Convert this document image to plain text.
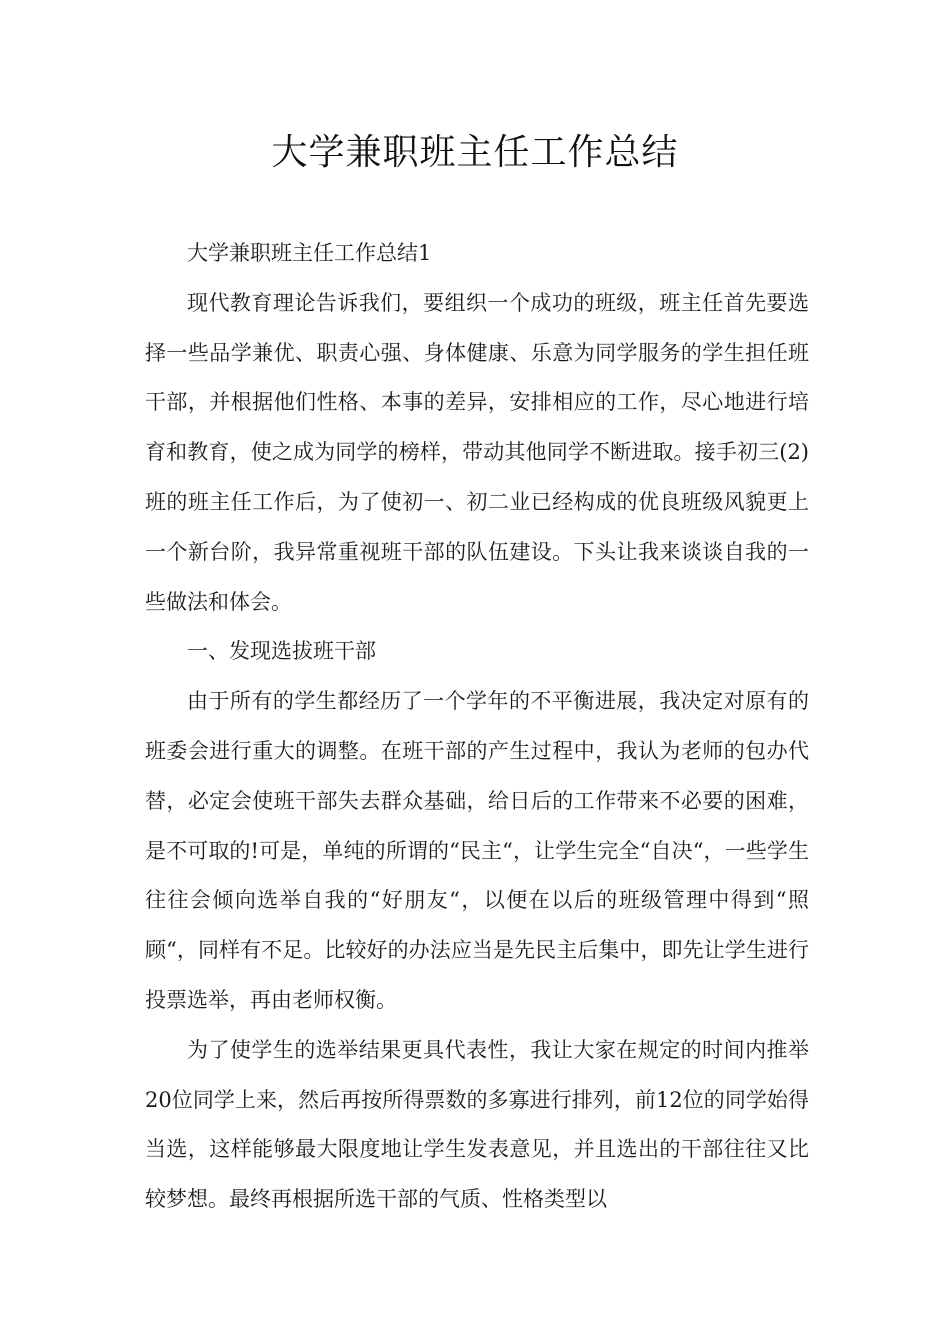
大学兼职班主任工作总结

大学兼职班主任工作总结1

现代教育理论告诉我们，要组织一个成功的班级，班主任首先要选择一些品学兼优、职责心强、身体健康、乐意为同学服务的学生担任班干部，并根据他们性格、本事的差异，安排相应的工作，尽心地进行培育和教育，使之成为同学的榜样，带动其他同学不断进取。接手初三(2)班的班主任工作后，为了使初一、初二业已经构成的优良班级风貌更上一个新台阶，我异常重视班干部的队伍建设。下头让我来谈谈自我的一些做法和体会。

一、发现选拔班干部

由于所有的学生都经历了一个学年的不平衡进展，我决定对原有的班委会进行重大的调整。在班干部的产生过程中，我认为老师的包办代替，必定会使班干部失去群众基础，给日后的工作带来不必要的困难，是不可取的!可是，单纯的所谓的“民主“，让学生完全“自决“，一些学生往往会倾向选举自我的“好朋友“，以便在以后的班级管理中得到“照顾“，同样有不足。比较好的办法应当是先民主后集中，即先让学生进行投票选举，再由老师权衡。

为了使学生的选举结果更具代表性，我让大家在规定的时间内推举20位同学上来，然后再按所得票数的多寡进行排列，前12位的同学始得当选，这样能够最大限度地让学生发表意见，并且选出的干部往往又比较梦想。最终再根据所选干部的气质、性格类型以
